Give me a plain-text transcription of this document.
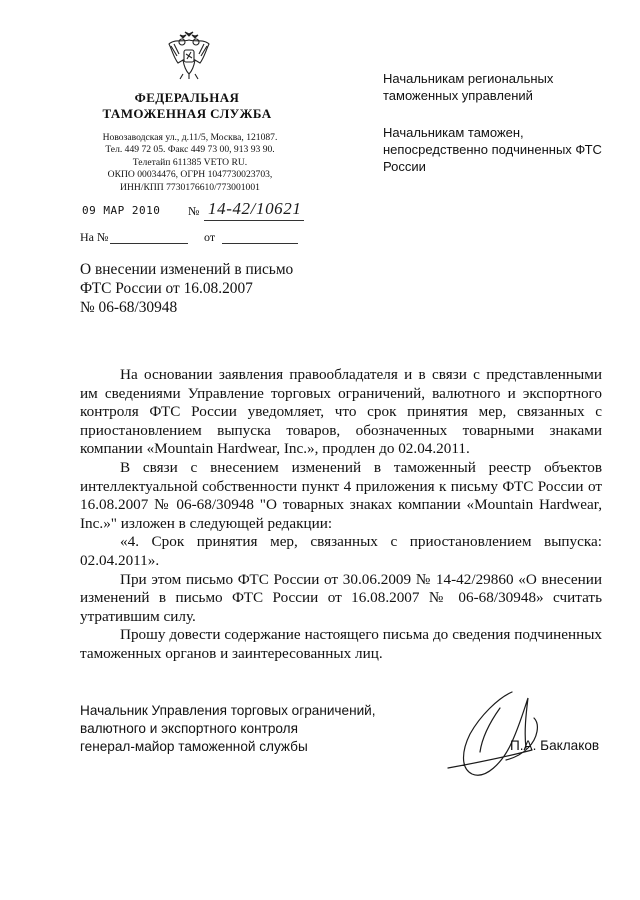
ФЕДЕРАЛЬНАЯ
ТАМОЖЕННАЯ СЛУЖБА
Новозаводская ул., д.11/5, Москва, 121087.
Тел. 449 72 05. Факс 449 73 00, 913 93 90.
Телетайп 611385 VETO RU.
ОКПО 00034476, ОГРН 1047730023703,
ИНН/КПП 7730176610/773001001
09 МАР 2010 № 14-42/10621
На №	от

Начальникам региональных таможенных управлений

Начальникам таможен, непосредственно подчиненных ФТС России

О внесении изменений в письмо
ФТС России от 16.08.2007
№ 06-68/30948

На основании заявления правообладателя и в связи с представленными им сведениями Управление торговых ограничений, валютного и экспортного контроля ФТС России уведомляет, что срок принятия мер, связанных с приостановлением выпуска товаров, обозначенных товарными знаками компании «Mountain Hardwear, Inc.», продлен до 02.04.2011.

В связи с внесением изменений в таможенный реестр объектов интеллектуальной собственности пункт 4 приложения к письму ФТС России от 16.08.2007 № 06-68/30948 "О товарных знаках компании «Mountain Hardwear, Inc.»" изложен в следующей редакции:

«4. Срок принятия мер, связанных с приостановлением выпуска: 02.04.2011».

При этом письмо ФТС России от 30.06.2009 № 14-42/29860 «О внесении изменений в письмо ФТС России от 16.08.2007 № 06-68/30948» считать утратившим силу.

Прошу довести содержание настоящего письма до сведения подчиненных таможенных органов и заинтересованных лиц.

Начальник Управления торговых ограничений,
валютного и экспортного контроля
генерал-майор таможенной службы	П.А. Баклаков
